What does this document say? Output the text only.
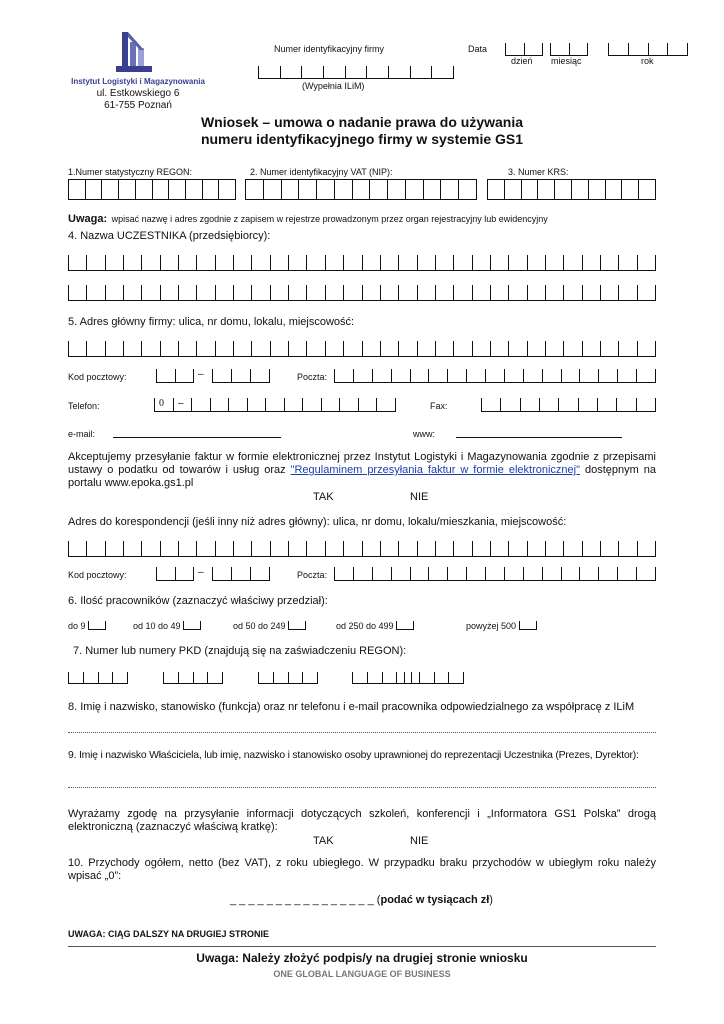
Instytut Logistyki i Magazynowania
ul. Estkowskiego 6
61-755 Poznań
Numer identyfikacyjny firmy
(Wypełnia ILiM)
Data
dzień miesiąc	rok
Wniosek – umowa o nadanie prawa do używania
numeru identyfikacyjnego firmy w systemie GS1
1.Numer statystyczny REGON:	2. Numer identyfikacyjny VAT (NIP):	3. Numer KRS:
Uwaga: wpisać nazwę i adres zgodnie z zapisem w rejestrze prowadzonym przez organ rejestracyjny lub ewidencyjny
4. Nazwa UCZESTNIKA (przedsiębiorcy):
5. Adres główny firmy: ulica, nr domu, lokalu, miejscowość:
Kod pocztowy:	–	Poczta:
Telefon:	0 –	Fax:
e-mail:	www:
Akceptujemy przesyłanie faktur w formie elektronicznej przez Instytut Logistyki i Magazynowania zgodnie z przepisami ustawy o podatku od towarów i usług oraz "Regulaminem przesyłania faktur w formie elektronicznej" dostępnym na portalu www.epoka.gs1.pl
TAK	NIE
Adres do korespondencji (jeśli inny niż adres główny): ulica, nr domu, lokalu/mieszkania, miejscowość:
Kod pocztowy:	–	Poczta:
6. Ilość pracowników (zaznaczyć właściwy przedział):
do 9	od 10 do 49	od 50 do 249	od 250 do 499	powyżej 500
7. Numer lub numery PKD (znajdują się na zaświadczeniu REGON):
8. Imię i nazwisko, stanowisko (funkcja) oraz nr telefonu i e-mail pracownika odpowiedzialnego za współpracę z ILiM
9. Imię i nazwisko Właściciela, lub imię, nazwisko i stanowisko osoby uprawnionej do reprezentacji Uczestnika (Prezes, Dyrektor):
Wyrażamy zgodę na przysyłanie informacji dotyczących szkoleń, konferencji i „Informatora GS1 Polska” drogą elektroniczną (zaznaczyć właściwą kratkę):
TAK	NIE
10. Przychody ogółem, netto (bez VAT), z roku ubiegłego. W przypadku braku przychodów w ubiegłym roku należy wpisać „0”:
_ _ _ _ _ _ _ _ _ _ _ _ _ _ _ _ (podać w tysiącach zł)
UWAGA: CIĄG DALSZY NA DRUGIEJ STRONIE
Uwaga: Należy złożyć podpis/y na drugiej stronie wniosku
ONE GLOBAL LANGUAGE OF BUSINESS
